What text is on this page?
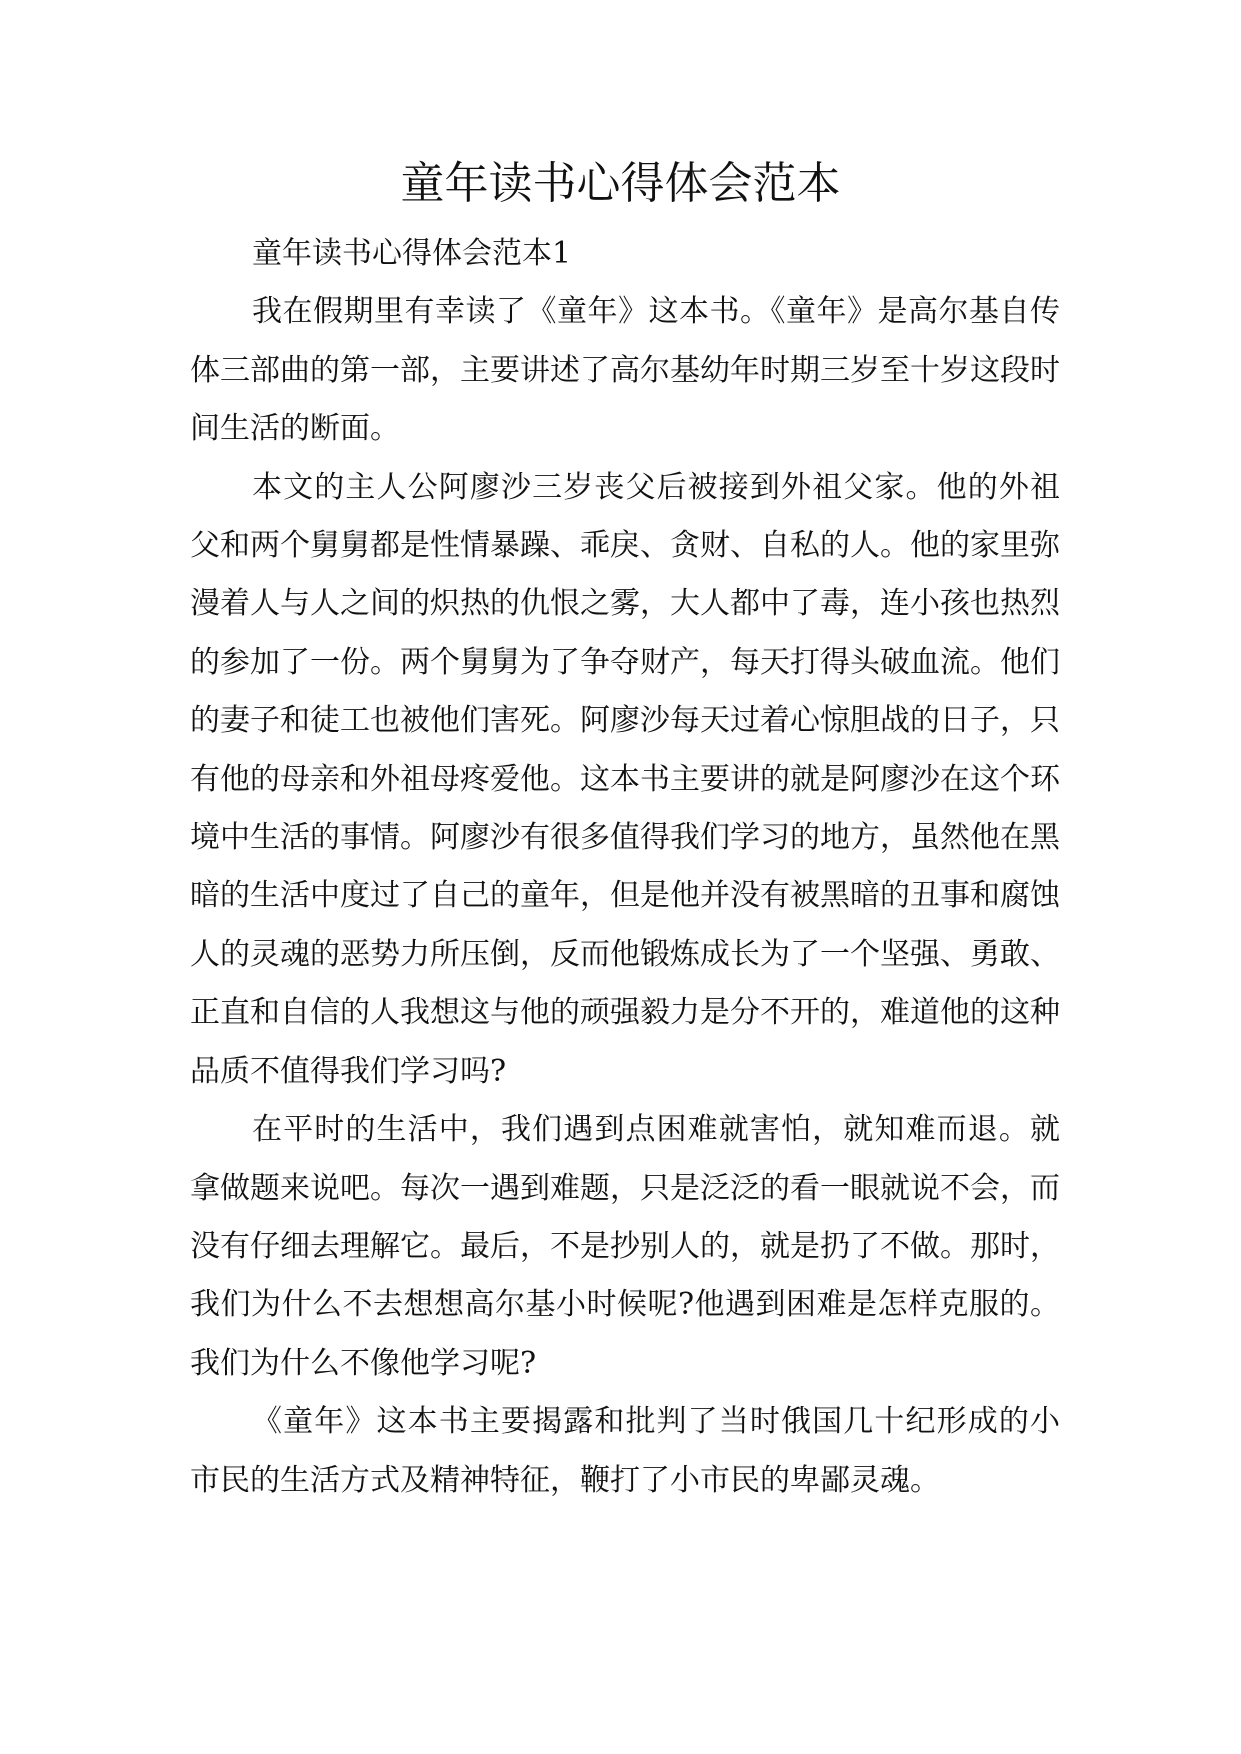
童年读书心得体会范本

童年读书心得体会范本1

我在假期里有幸读了《童年》这本书。《童年》是高尔基自传体三部曲的第一部，主要讲述了高尔基幼年时期三岁至十岁这段时间生活的断面。

本文的主人公阿廖沙三岁丧父后被接到外祖父家。他的外祖父和两个舅舅都是性情暴躁、乖戾、贪财、自私的人。他的家里弥漫着人与人之间的炽热的仇恨之雾，大人都中了毒，连小孩也热烈的参加了一份。两个舅舅为了争夺财产，每天打得头破血流。他们的妻子和徒工也被他们害死。阿廖沙每天过着心惊胆战的日子，只有他的母亲和外祖母疼爱他。这本书主要讲的就是阿廖沙在这个环境中生活的事情。阿廖沙有很多值得我们学习的地方，虽然他在黑暗的生活中度过了自己的童年，但是他并没有被黑暗的丑事和腐蚀人的灵魂的恶势力所压倒，反而他锻炼成长为了一个坚强、勇敢、正直和自信的人我想这与他的顽强毅力是分不开的，难道他的这种品质不值得我们学习吗?

在平时的生活中，我们遇到点困难就害怕，就知难而退。就拿做题来说吧。每次一遇到难题，只是泛泛的看一眼就说不会，而没有仔细去理解它。最后，不是抄别人的，就是扔了不做。那时，我们为什么不去想想高尔基小时候呢?他遇到困难是怎样克服的。我们为什么不像他学习呢?

《童年》这本书主要揭露和批判了当时俄国几十纪形成的小市民的生活方式及精神特征，鞭打了小市民的卑鄙灵魂。
